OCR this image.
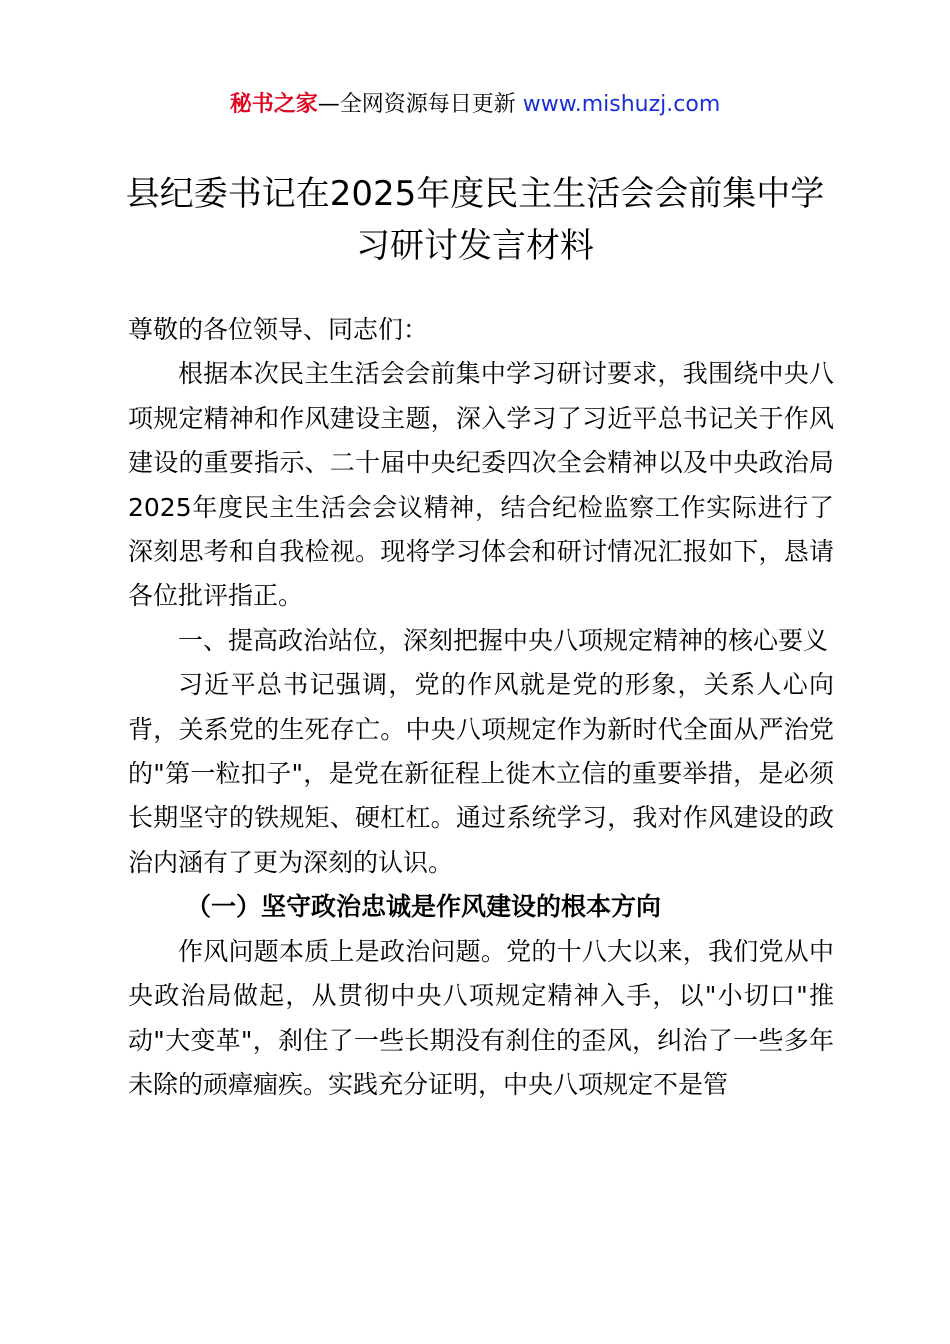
秘书之家—全网资源每日更新 www.mishuzj.com
县纪委书记在2025年度民主生活会会前集中学习研讨发言材料

尊敬的各位领导、同志们：

根据本次民主生活会会前集中学习研讨要求，我围绕中央八项规定精神和作风建设主题，深入学习了习近平总书记关于作风建设的重要指示、二十届中央纪委四次全会精神以及中央政治局2025年度民主生活会会议精神，结合纪检监察工作实际进行了深刻思考和自我检视。现将学习体会和研讨情况汇报如下，恳请各位批评指正。

一、提高政治站位，深刻把握中央八项规定精神的核心要义

习近平总书记强调，党的作风就是党的形象，关系人心向背，关系党的生死存亡。中央八项规定作为新时代全面从严治党的"第一粒扣子"，是党在新征程上徙木立信的重要举措，是必须长期坚守的铁规矩、硬杠杠。通过系统学习，我对作风建设的政治内涵有了更为深刻的认识。

（一）坚守政治忠诚是作风建设的根本方向

作风问题本质上是政治问题。党的十八大以来，我们党从中央政治局做起，从贯彻中央八项规定精神入手，以"小切口"推动"大变革"，刹住了一些长期没有刹住的歪风，纠治了一些多年未除的顽瘴痼疾。实践充分证明，中央八项规定不是管
